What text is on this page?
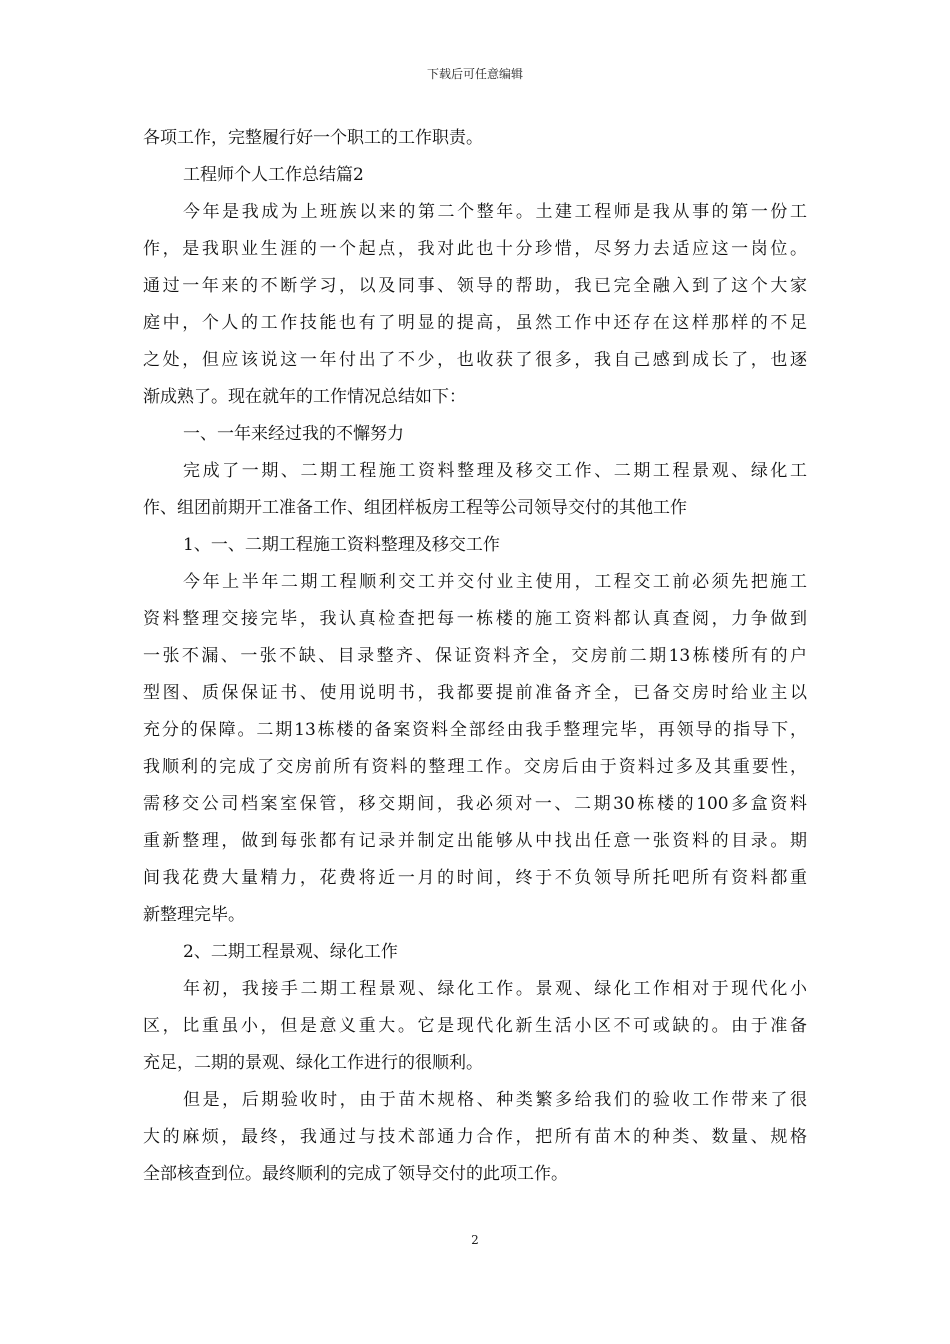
下载后可任意编辑
各项工作，完整履行好一个职工的工作职责。
工程师个人工作总结篇2
今年是我成为上班族以来的第二个整年。土建工程师是我从事的第一份工
作，是我职业生涯的一个起点，我对此也十分珍惜，尽努力去适应这一岗位。
通过一年来的不断学习，以及同事、领导的帮助，我已完全融入到了这个大家
庭中，个人的工作技能也有了明显的提高，虽然工作中还存在这样那样的不足
之处，但应该说这一年付出了不少，也收获了很多，我自己感到成长了，也逐
渐成熟了。现在就年的工作情况总结如下：
一、一年来经过我的不懈努力
完成了一期、二期工程施工资料整理及移交工作、二期工程景观、绿化工
作、组团前期开工准备工作、组团样板房工程等公司领导交付的其他工作
1、一、二期工程施工资料整理及移交工作
今年上半年二期工程顺利交工并交付业主使用，工程交工前必须先把施工
资料整理交接完毕，我认真检查把每一栋楼的施工资料都认真查阅，力争做到
一张不漏、一张不缺、目录整齐、保证资料齐全，交房前二期13栋楼所有的户
型图、质保保证书、使用说明书，我都要提前准备齐全，已备交房时给业主以
充分的保障。二期13栋楼的备案资料全部经由我手整理完毕，再领导的指导下，
我顺利的完成了交房前所有资料的整理工作。交房后由于资料过多及其重要性，
需移交公司档案室保管，移交期间，我必须对一、二期30栋楼的100多盒资料
重新整理，做到每张都有记录并制定出能够从中找出任意一张资料的目录。期
间我花费大量精力，花费将近一月的时间，终于不负领导所托吧所有资料都重
新整理完毕。
2、二期工程景观、绿化工作
年初，我接手二期工程景观、绿化工作。景观、绿化工作相对于现代化小
区，比重虽小，但是意义重大。它是现代化新生活小区不可或缺的。由于准备
充足，二期的景观、绿化工作进行的很顺利。
但是，后期验收时，由于苗木规格、种类繁多给我们的验收工作带来了很
大的麻烦，最终，我通过与技术部通力合作，把所有苗木的种类、数量、规格
全部核查到位。最终顺利的完成了领导交付的此项工作。
2
